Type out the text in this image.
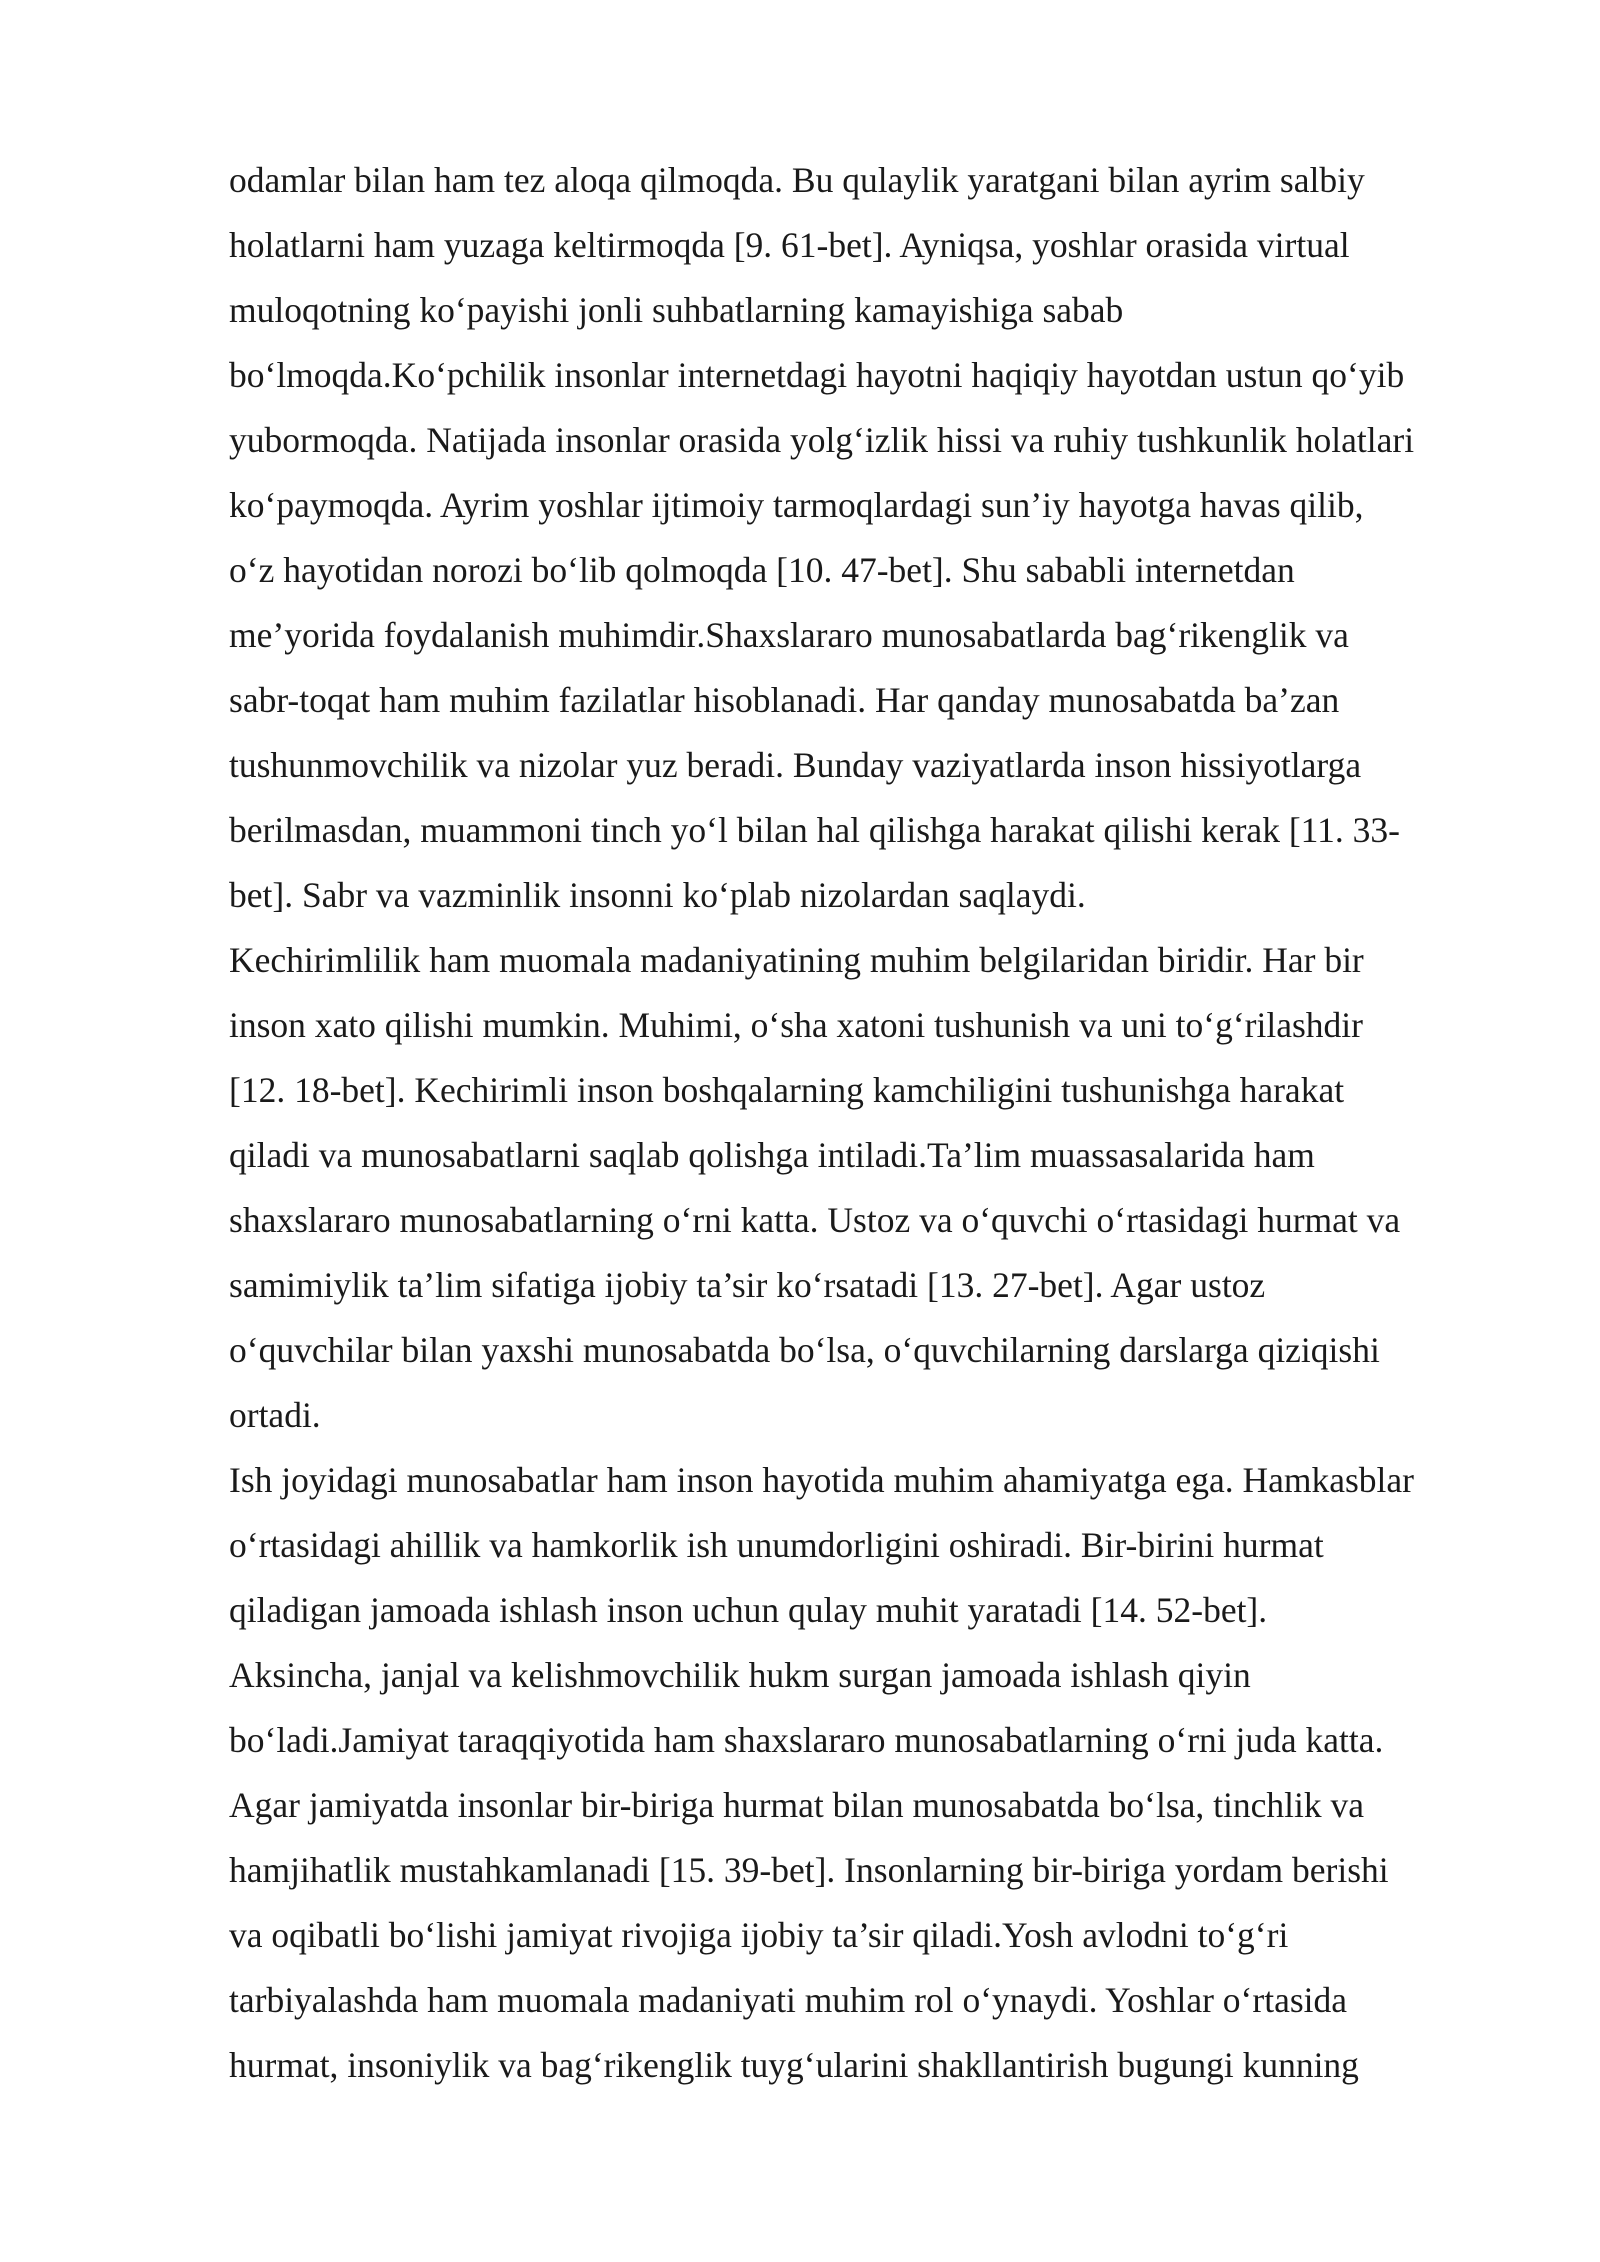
odamlar bilan ham tez aloqa qilmoqda. Bu qulaylik yaratgani bilan ayrim salbiy
holatlarni ham yuzaga keltirmoqda [9. 61-bet]. Ayniqsa, yoshlar orasida virtual
muloqotning ko‘payishi jonli suhbatlarning kamayishiga sabab
bo‘lmoqda.Ko‘pchilik insonlar internetdagi hayotni haqiqiy hayotdan ustun qo‘yib
yubormoqda. Natijada insonlar orasida yolg‘izlik hissi va ruhiy tushkunlik holatlari
ko‘paymoqda. Ayrim yoshlar ijtimoiy tarmoqlardagi sun’iy hayotga havas qilib,
o‘z hayotidan norozi bo‘lib qolmoqda [10. 47-bet]. Shu sababli internetdan
me’yorida foydalanish muhimdir.Shaxslararo munosabatlarda bag‘rikenglik va
sabr-toqat ham muhim fazilatlar hisoblanadi. Har qanday munosabatda ba’zan
tushunmovchilik va nizolar yuz beradi. Bunday vaziyatlarda inson hissiyotlarga
berilmasdan, muammoni tinch yo‘l bilan hal qilishga harakat qilishi kerak [11. 33-
bet]. Sabr va vazminlik insonni ko‘plab nizolardan saqlaydi.
Kechirimlilik ham muomala madaniyatining muhim belgilaridan biridir. Har bir
inson xato qilishi mumkin. Muhimi, o‘sha xatoni tushunish va uni to‘g‘rilashdir
[12. 18-bet]. Kechirimli inson boshqalarning kamchiligini tushunishga harakat
qiladi va munosabatlarni saqlab qolishga intiladi.Ta’lim muassasalarida ham
shaxslararo munosabatlarning o‘rni katta. Ustoz va o‘quvchi o‘rtasidagi hurmat va
samimiylik ta’lim sifatiga ijobiy ta’sir ko‘rsatadi [13. 27-bet]. Agar ustoz
o‘quvchilar bilan yaxshi munosabatda bo‘lsa, o‘quvchilarning darslarga qiziqishi
ortadi.
Ish joyidagi munosabatlar ham inson hayotida muhim ahamiyatga ega. Hamkasblar
o‘rtasidagi ahillik va hamkorlik ish unumdorligini oshiradi. Bir-birini hurmat
qiladigan jamoada ishlash inson uchun qulay muhit yaratadi [14. 52-bet].
Aksincha, janjal va kelishmovchilik hukm surgan jamoada ishlash qiyin
bo‘ladi.Jamiyat taraqqiyotida ham shaxslararo munosabatlarning o‘rni juda katta.
Agar jamiyatda insonlar bir-biriga hurmat bilan munosabatda bo‘lsa, tinchlik va
hamjihatlik mustahkamlanadi [15. 39-bet]. Insonlarning bir-biriga yordam berishi
va oqibatli bo‘lishi jamiyat rivojiga ijobiy ta’sir qiladi.Yosh avlodni to‘g‘ri
tarbiyalashda ham muomala madaniyati muhim rol o‘ynaydi. Yoshlar o‘rtasida
hurmat, insoniylik va bag‘rikenglik tuyg‘ularini shakllantirish bugungi kunning
